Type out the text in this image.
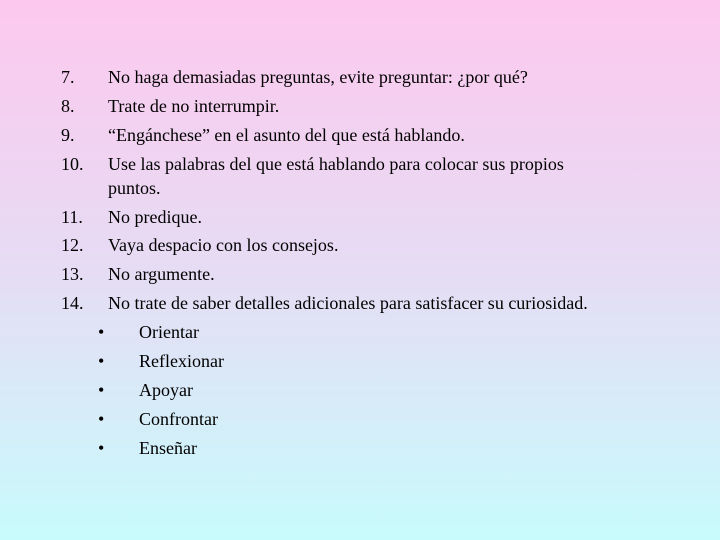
7. No haga demasiadas preguntas, evite preguntar: ¿por qué?
8. Trate de no interrumpir.
9. “Engánchese” en el asunto del que está hablando.
10. Use las palabras del que está hablando para colocar sus propios
puntos.
11. No predique.
12. Vaya despacio con los consejos.
13. No argumente.
14. No trate de saber detalles adicionales para satisfacer su curiosidad.
• Orientar
• Reflexionar
• Apoyar
• Confrontar
• Enseñar
